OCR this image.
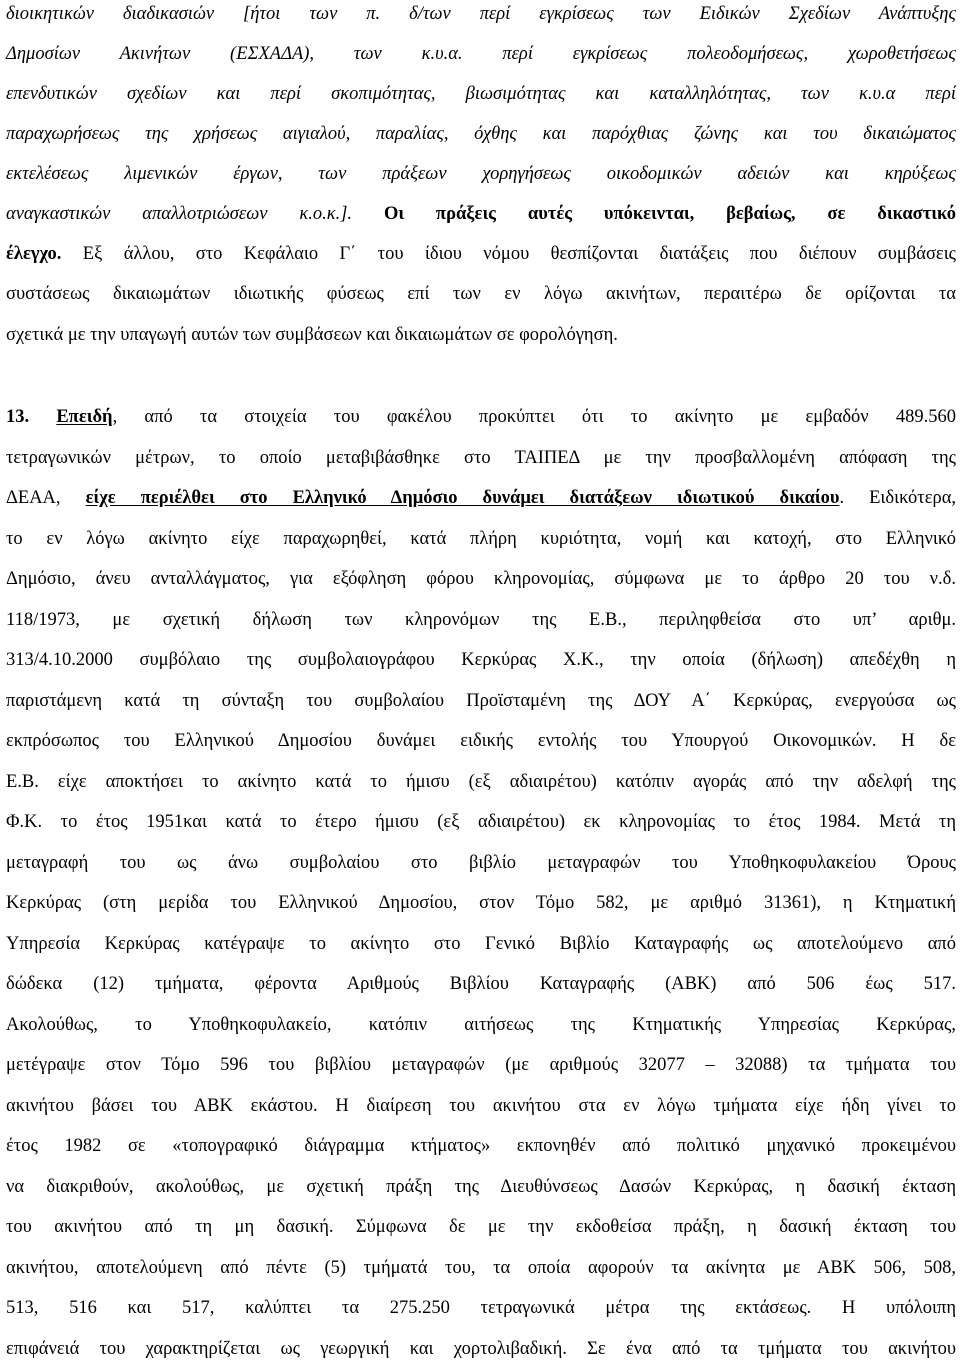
διοικητικών διαδικασιών [ήτοι των π. δ/των περί εγκρίσεως των Ειδικών Σχεδίων Ανάπτυξης
Δημοσίων Ακινήτων (ΕΣΧΑΔΑ), των κ.υ.α. περί εγκρίσεως πολεοδομήσεως, χωροθετήσεως
επενδυτικών σχεδίων και περί σκοπιμότητας, βιωσιμότητας και καταλληλότητας, των κ.υ.α περί
παραχωρήσεως της χρήσεως αιγιαλού, παραλίας, όχθης και παρόχθιας ζώνης και του δικαιώματος
εκτελέσεως λιμενικών έργων, των πράξεων χορηγήσεως οικοδομικών αδειών και κηρύξεως
αναγκαστικών απαλλοτριώσεων κ.ο.κ.]. Οι πράξεις αυτές υπόκεινται, βεβαίως, σε δικαστικό
έλεγχο. Εξ άλλου, στο Κεφάλαιο Γ΄ του ίδιου νόμου θεσπίζονται διατάξεις που διέπουν συμβάσεις
συστάσεως δικαιωμάτων ιδιωτικής φύσεως επί των εν λόγω ακινήτων, περαιτέρω δε ορίζονται τα
σχετικά με την υπαγωγή αυτών των συμβάσεων και δικαιωμάτων σε φορολόγηση.
13. Επειδή, από τα στοιχεία του φακέλου προκύπτει ότι το ακίνητο με εμβαδόν 489.560
τετραγωνικών μέτρων, το οποίο μεταβιβάσθηκε στο ΤΑΙΠΕΔ με την προσβαλλομένη απόφαση της
ΔΕΑΑ, είχε περιέλθει στο Ελληνικό Δημόσιο δυνάμει διατάξεων ιδιωτικού δικαίου. Ειδικότερα,
το εν λόγω ακίνητο είχε παραχωρηθεί, κατά πλήρη κυριότητα, νομή και κατοχή, στο Ελληνικό
Δημόσιο, άνευ ανταλλάγματος, για εξόφληση φόρου κληρονομίας, σύμφωνα με το άρθρο 20 του ν.δ.
118/1973, με σχετική δήλωση των κληρονόμων της Ε.Β., περιληφθείσα στο υπ’ αριθμ.
313/4.10.2000 συμβόλαιο της συμβολαιογράφου Κερκύρας Χ.Κ., την οποία (δήλωση) απεδέχθη η
παριστάμενη κατά τη σύνταξη του συμβολαίου Προϊσταμένη της ΔΟΥ Α΄ Κερκύρας, ενεργούσα ως
εκπρόσωπος του Ελληνικού Δημοσίου δυνάμει ειδικής εντολής του Υπουργού Οικονομικών. Η δε
Ε.Β. είχε αποκτήσει το ακίνητο κατά το ήμισυ (εξ αδιαιρέτου) κατόπιν αγοράς από την αδελφή της
Φ.Κ. το έτος 1951και κατά το έτερο ήμισυ (εξ αδιαιρέτου) εκ κληρονομίας το έτος 1984. Μετά τη
μεταγραφή του ως άνω συμβολαίου στο βιβλίο μεταγραφών του Υποθηκοφυλακείου Όρους
Κερκύρας (στη μερίδα του Ελληνικού Δημοσίου, στον Τόμο 582, με αριθμό 31361), η Κτηματική
Υπηρεσία Κερκύρας κατέγραψε το ακίνητο στο Γενικό Βιβλίο Καταγραφής ως αποτελούμενο από
δώδεκα (12) τμήματα, φέροντα Αριθμούς Βιβλίου Καταγραφής (ΑΒΚ) από 506 έως 517.
Ακολούθως, το Υποθηκοφυλακείο, κατόπιν αιτήσεως της Κτηματικής Υπηρεσίας Κερκύρας,
μετέγραψε στον Τόμο 596 του βιβλίου μεταγραφών (με αριθμούς 32077 – 32088) τα τμήματα του
ακινήτου βάσει του ΑΒΚ εκάστου. Η διαίρεση του ακινήτου στα εν λόγω τμήματα είχε ήδη γίνει το
έτος 1982 σε «τοπογραφικό διάγραμμα κτήματος» εκπονηθέν από πολιτικό μηχανικό προκειμένου
να διακριθούν, ακολούθως, με σχετική πράξη της Διευθύνσεως Δασών Κερκύρας, η δασική έκταση
του ακινήτου από τη μη δασική. Σύμφωνα δε με την εκδοθείσα πράξη, η δασική έκταση του
ακινήτου, αποτελούμενη από πέντε (5) τμήματά του, τα οποία αφορούν τα ακίνητα με ΑΒΚ 506, 508,
513, 516 και 517, καλύπτει τα 275.250 τετραγωνικά μέτρα της εκτάσεως. Η υπόλοιπη
επιφάνειά του χαρακτηρίζεται ως γεωργική και χορτολιβαδική. Σε ένα από τα τμήματα του ακινήτου
